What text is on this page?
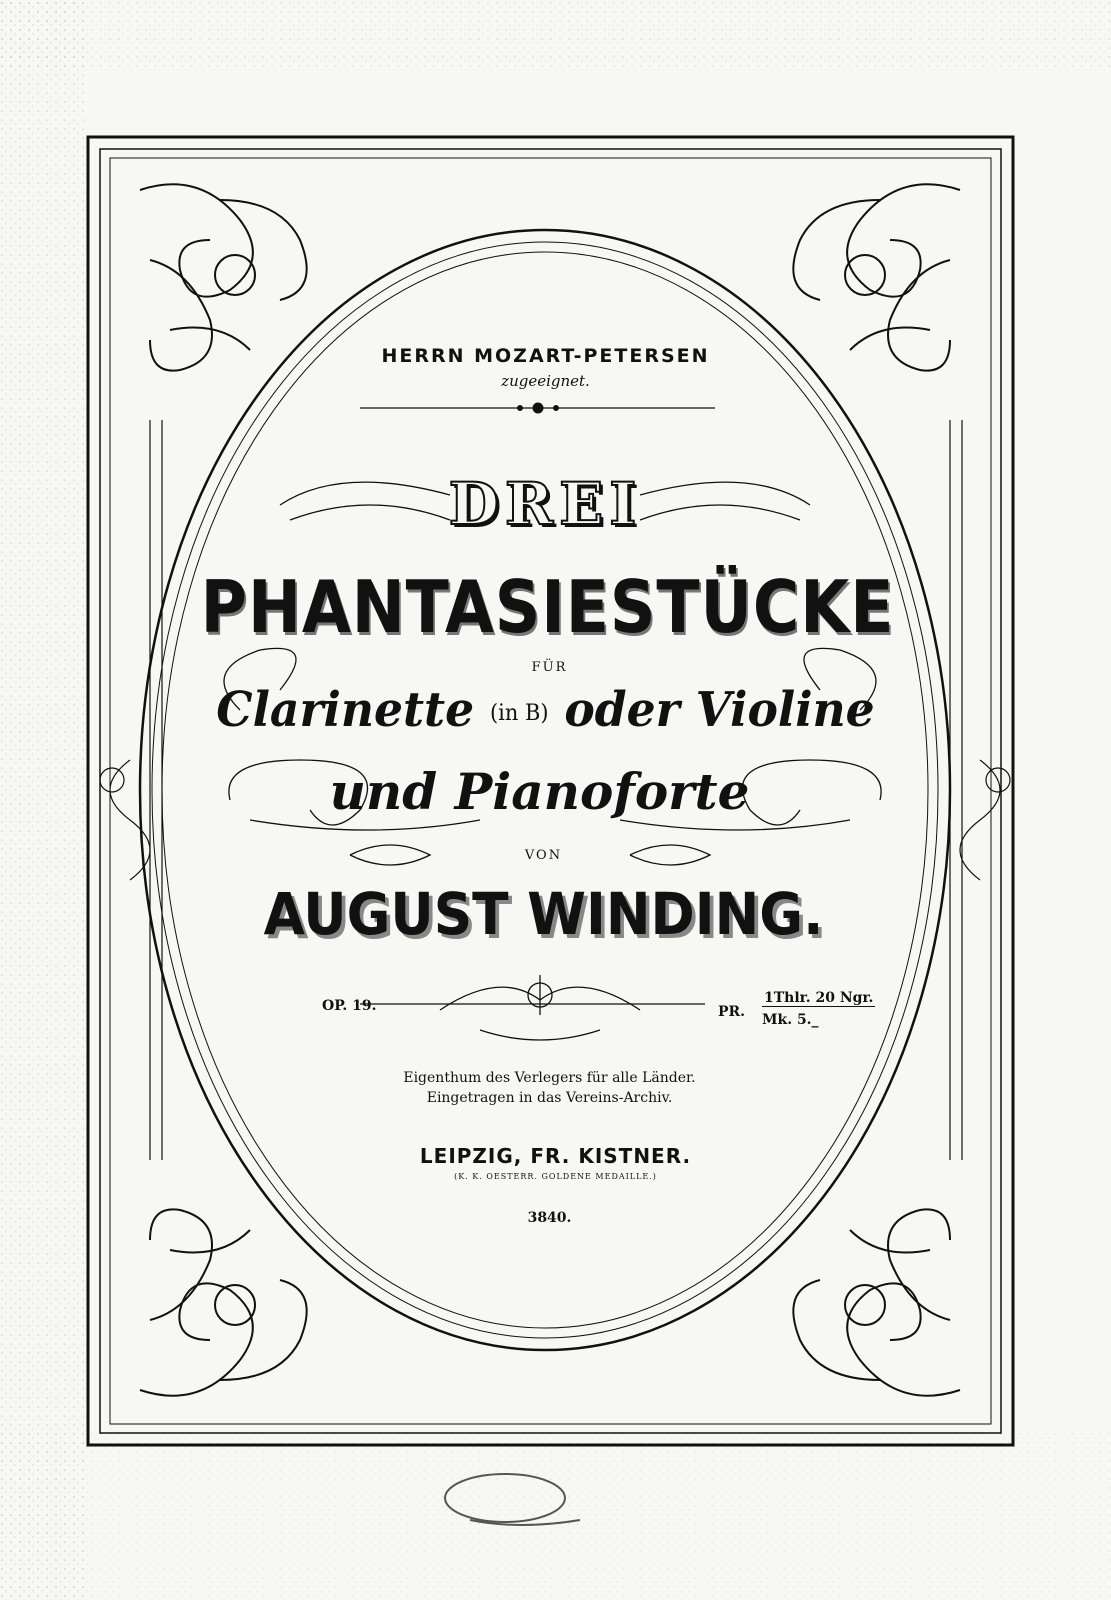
HERRN MOZART-PETERSEN
zugeeignet.
DREI
PHANTASIESTÜCKE
FÜR
Clarinette (in B) oder Violine
und Pianoforte
VON
AUGUST WINDING.
OP. 19.	PR.
1Thlr. 20 Ngr.
Mk. 5._
Eigenthum des Verlegers für alle Länder.
Eingetragen in das Vereins-Archiv.
LEIPZIG, FR. KISTNER.
(K. K. OESTERR. GOLDENE MEDAILLE.)
3840.
